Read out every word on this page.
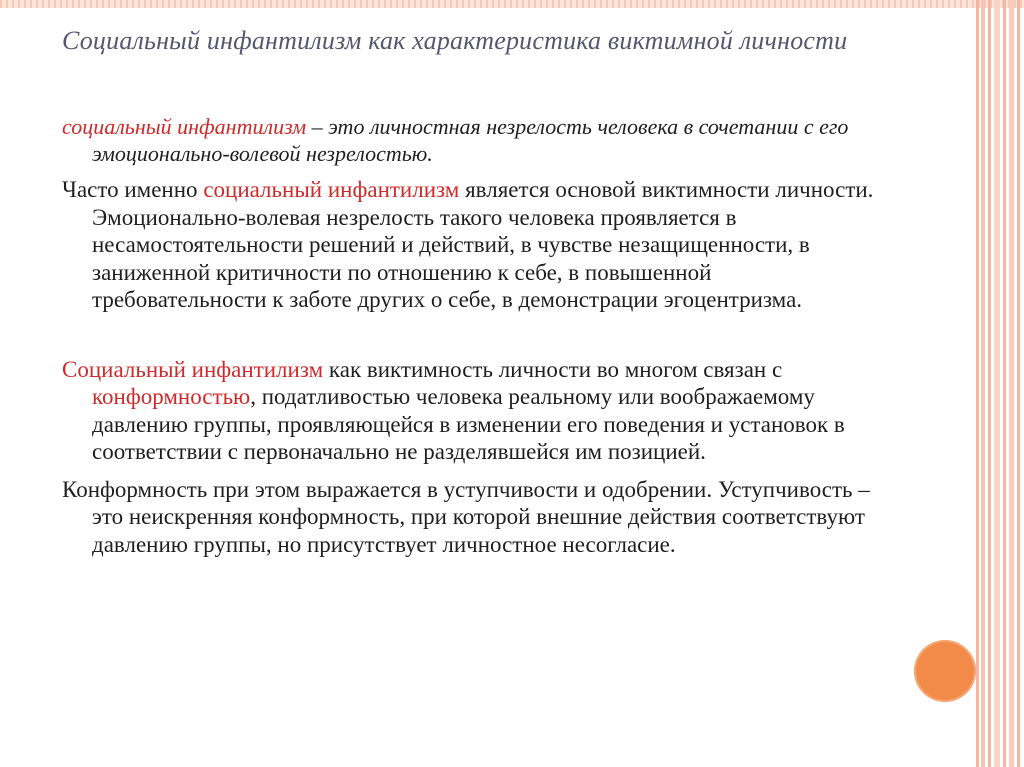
Социальный инфантилизм как характеристика виктимной личности

социальный инфантилизм – это личностная незрелость человека в сочетании с его эмоционально-волевой незрелостью.

Часто именно социальный инфантилизм является основой виктимности личности. Эмоционально-волевая незрелость такого человека проявляется в несамостоятельности решений и действий, в чувстве незащищенности, в заниженной критичности по отношению к себе, в повышенной требовательности к заботе других о себе, в демонстрации эгоцентризма.

Социальный инфантилизм как виктимность личности во многом связан с конформностью, податливостью человека реальному или воображаемому давлению группы, проявляющейся в изменении его поведения и установок в соответствии с первоначально не разделявшейся им позицией.

Конформность при этом выражается в уступчивости и одобрении. Уступчивость – это неискренняя конформность, при которой внешние действия соответствуют давлению группы, но присутствует личностное несогласие.
